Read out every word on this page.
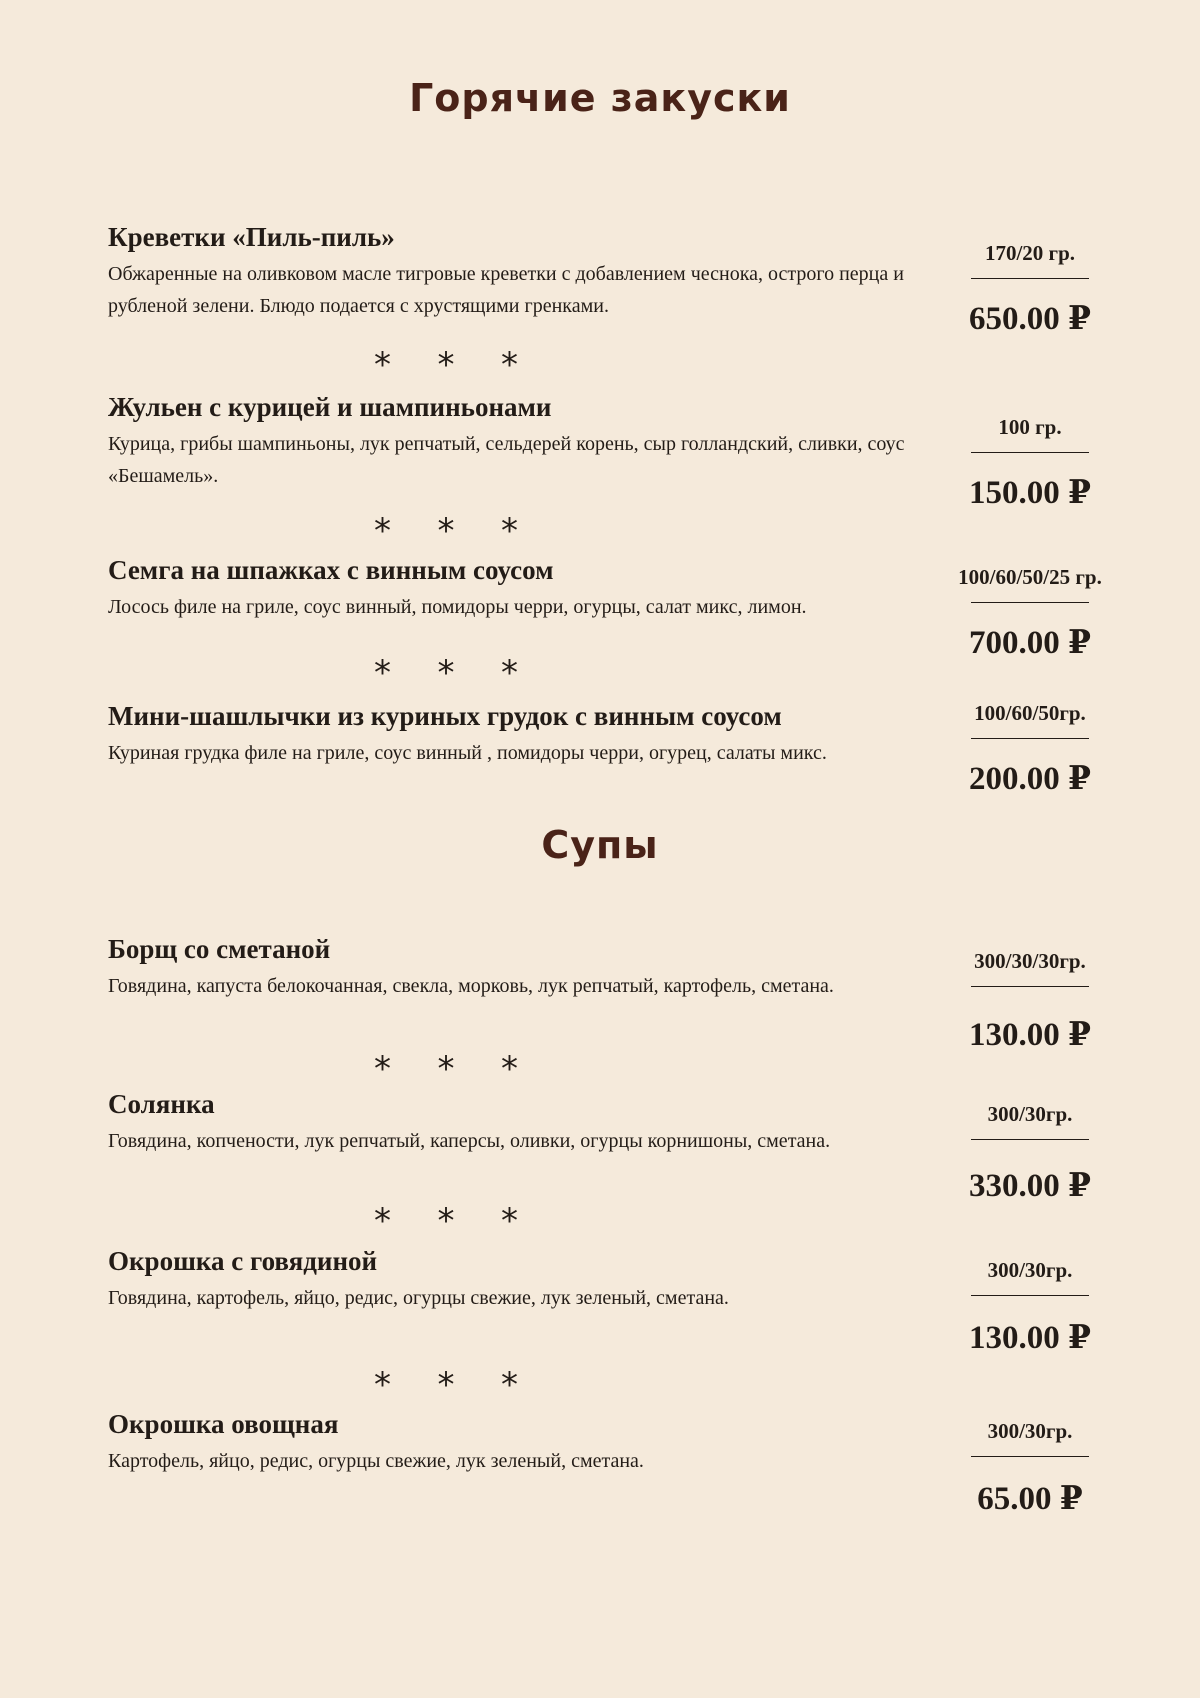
Горячие закуски
Креветки «Пиль-пиль»

Обжаренные на оливковом масле тигровые креветки с добавлением чеснока, острого перца и рубленой зелени. Блюдо подается с хрустящими гренками.

170/20 гр.
650.00 ₽
* * *
Жульен с курицей и шампиньонами

Курица, грибы шампиньоны, лук репчатый, сельдерей корень, сыр голландский, сливки, соус «Бешамель».

100 гр.
150.00 ₽
* * *
Семга на шпажках с винным соусом

Лосось филе на гриле, соус винный, помидоры черри, огурцы, салат микс, лимон.

100/60/50/25 гр.
700.00 ₽
* * *
Мини-шашлычки из куриных грудок с винным соусом

Куриная грудка филе на гриле, соус винный , помидоры черри, огурец, салаты микс.

100/60/50гр.
200.00 ₽
Супы
Борщ со сметаной

Говядина, капуста белокочанная, свекла, морковь, лук репчатый, картофель, сметана.

300/30/30гр.
130.00 ₽
* * *
Солянка

Говядина, копчености, лук репчатый, каперсы, оливки, огурцы корнишоны, сметана.

300/30гр.
330.00 ₽
* * *
Окрошка с говядиной

Говядина, картофель, яйцо, редис, огурцы свежие, лук зеленый, сметана.

300/30гр.
130.00 ₽
* * *
Окрошка овощная

Картофель, яйцо, редис, огурцы свежие, лук зеленый, сметана.

300/30гр.
65.00 ₽
